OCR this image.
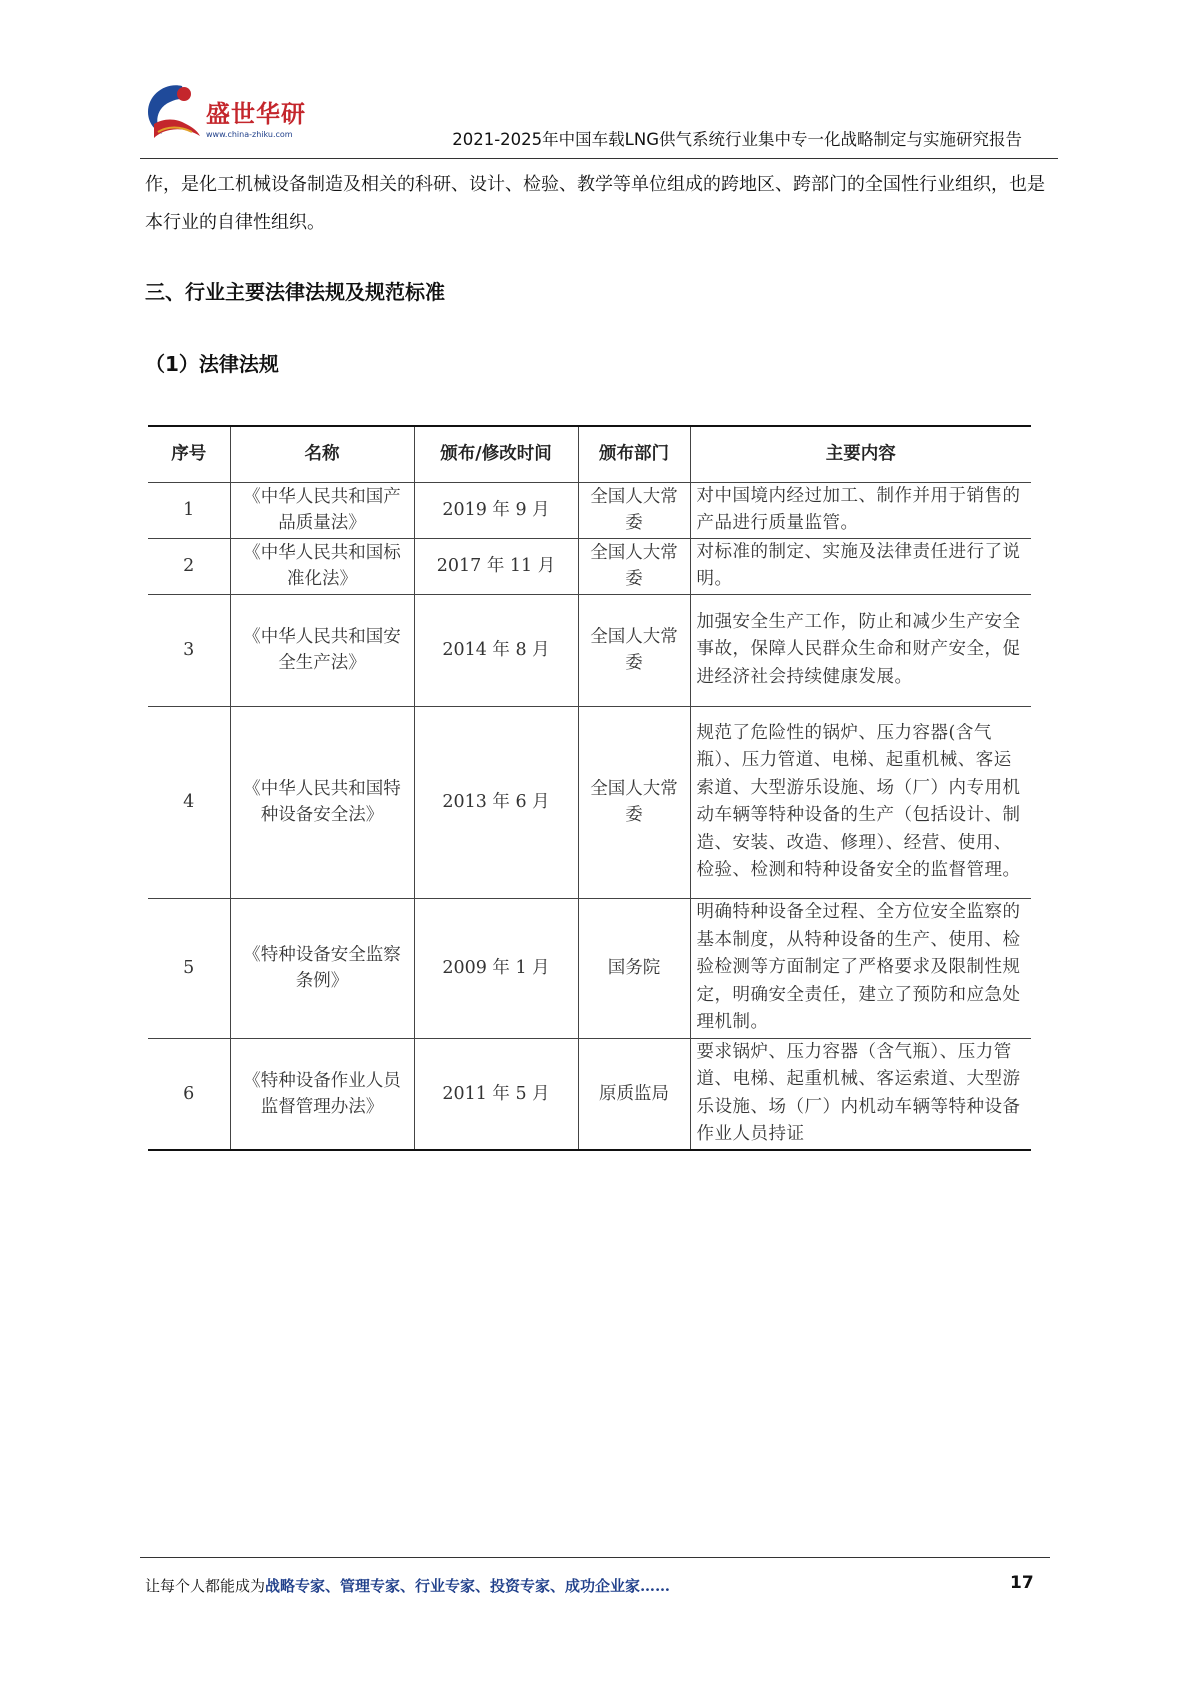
盛世华研
www.china-zhiku.com	2021-2025年中国车载LNG供气系统行业集中专一化战略制定与实施研究报告
作，是化工机械设备制造及相关的科研、设计、检验、教学等单位组成的跨地区、跨部门的全国性行业组织，也是本行业的自律性组织。
三、行业主要法律法规及规范标准
（1）法律法规
序号	名称	颁布/修改时间	颁布部门	主要内容
1	《中华人民共和国产品质量法》	2019 年 9 月	全国人大常委	对中国境内经过加工、制作并用于销售的产品进行质量监管。
2	《中华人民共和国标准化法》	2017 年 11 月	全国人大常委	对标准的制定、实施及法律责任进行了说明。
3	《中华人民共和国安全生产法》	2014 年 8 月	全国人大常委	加强安全生产工作，防止和减少生产安全事故，保障人民群众生命和财产安全，促进经济社会持续健康发展。
4	《中华人民共和国特种设备安全法》	2013 年 6 月	全国人大常委	规范了危险性的锅炉、压力容器(含气瓶）、压力管道、电梯、起重机械、客运索道、大型游乐设施、场（厂）内专用机动车辆等特种设备的生产（包括设计、制造、安装、改造、修理）、经营、使用、检验、检测和特种设备安全的监督管理。
5	《特种设备安全监察条例》	2009 年 1 月	国务院	明确特种设备全过程、全方位安全监察的基本制度，从特种设备的生产、使用、检验检测等方面制定了严格要求及限制性规定，明确安全责任，建立了预防和应急处理机制。
6	《特种设备作业人员监督管理办法》	2011 年 5 月	原质监局	要求锅炉、压力容器（含气瓶）、压力管道、电梯、起重机械、客运索道、大型游乐设施、场（厂）内机动车辆等特种设备作业人员持证
让每个人都能成为战略专家、管理专家、行业专家、投资专家、成功企业家……	17
